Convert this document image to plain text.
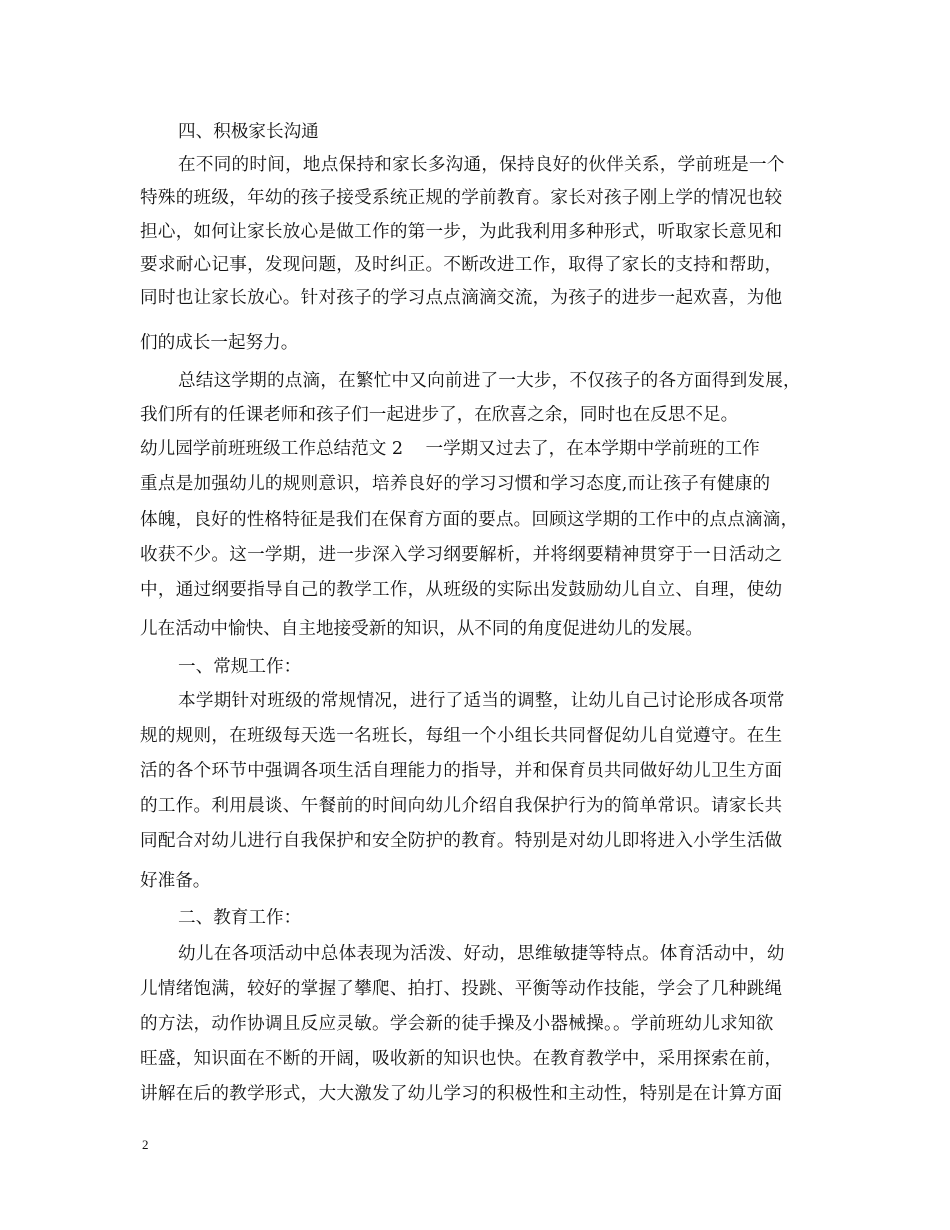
四、积极家长沟通
在不同的时间，地点保持和家长多沟通，保持良好的伙伴关系，学前班是一个
特殊的班级，年幼的孩子接受系统正规的学前教育。家长对孩子刚上学的情况也较
担心，如何让家长放心是做工作的第一步，为此我利用多种形式，听取家长意见和
要求耐心记事，发现问题，及时纠正。不断改进工作，取得了家长的支持和帮助，
同时也让家长放心。针对孩子的学习点点滴滴交流，为孩子的进步一起欢喜，为他
们的成长一起努力。
总结这学期的点滴，在繁忙中又向前进了一大步，不仅孩子的各方面得到发展，
我们所有的任课老师和孩子们一起进步了，在欣喜之余，同时也在反思不足。
幼儿园学前班班级工作总结范文 2    一学期又过去了，在本学期中学前班的工作
重点是加强幼儿的规则意识，培养良好的学习习惯和学习态度,而让孩子有健康的
体魄，良好的性格特征是我们在保育方面的要点。回顾这学期的工作中的点点滴滴，
收获不少。这一学期，进一步深入学习纲要解析，并将纲要精神贯穿于一日活动之
中，通过纲要指导自己的教学工作，从班级的实际出发鼓励幼儿自立、自理，使幼
儿在活动中愉快、自主地接受新的知识，从不同的角度促进幼儿的发展。
一、常规工作：
本学期针对班级的常规情况，进行了适当的调整，让幼儿自己讨论形成各项常
规的规则，在班级每天选一名班长，每组一个小组长共同督促幼儿自觉遵守。在生
活的各个环节中强调各项生活自理能力的指导，并和保育员共同做好幼儿卫生方面
的工作。利用晨谈、午餐前的时间向幼儿介绍自我保护行为的简单常识。请家长共
同配合对幼儿进行自我保护和安全防护的教育。特别是对幼儿即将进入小学生活做
好准备。
二、教育工作：
幼儿在各项活动中总体表现为活泼、好动，思维敏捷等特点。体育活动中，幼
儿情绪饱满，较好的掌握了攀爬、拍打、投跳、平衡等动作技能，学会了几种跳绳
的方法，动作协调且反应灵敏。学会新的徒手操及小器械操。。学前班幼儿求知欲
旺盛，知识面在不断的开阔，吸收新的知识也快。在教育教学中，采用探索在前，
讲解在后的教学形式，大大激发了幼儿学习的积极性和主动性，特别是在计算方面
2
